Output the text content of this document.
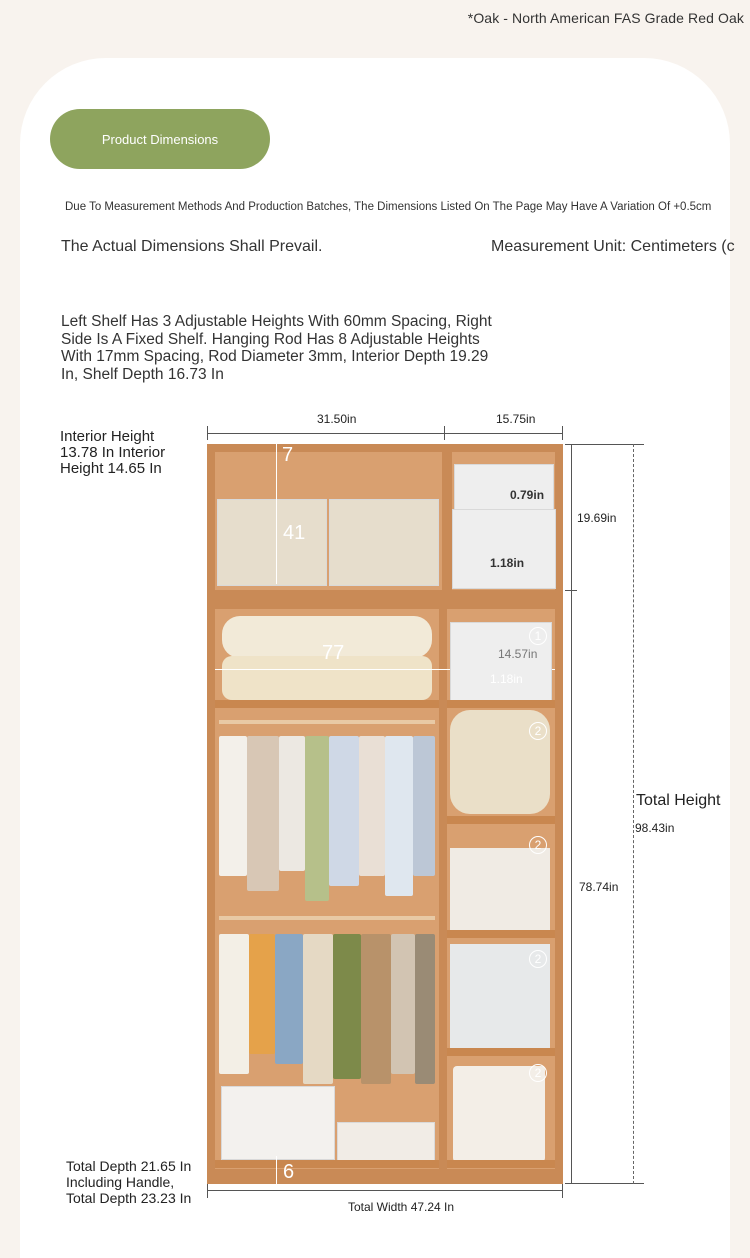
*Oak - North American FAS Grade Red Oak
Product Dimensions
Due To Measurement Methods And Production Batches, The Dimensions Listed On The Page May Have A Variation Of +0.5cm
The Actual Dimensions Shall Prevail.	Measurement Unit: Centimeters (c
Left Shelf Has 3 Adjustable Heights With 60mm Spacing, Right Side Is A Fixed Shelf. Hanging Rod Has 8 Adjustable Heights With 17mm Spacing, Rod Diameter 3mm, Interior Depth 19.29 In, Shelf Depth 16.73 In
Interior Height
13.78 In Interior
Height 14.65 In
Total Depth 21.65 In
Including Handle,
Total Depth 23.23 In
31.50in	15.75in
19.69in
78.74in
Total Height
98.43in
Total Width 47.24 In
7
41
0.79in
1.18in
77
6
14.57in
1.18in
1
2
2
2
2
